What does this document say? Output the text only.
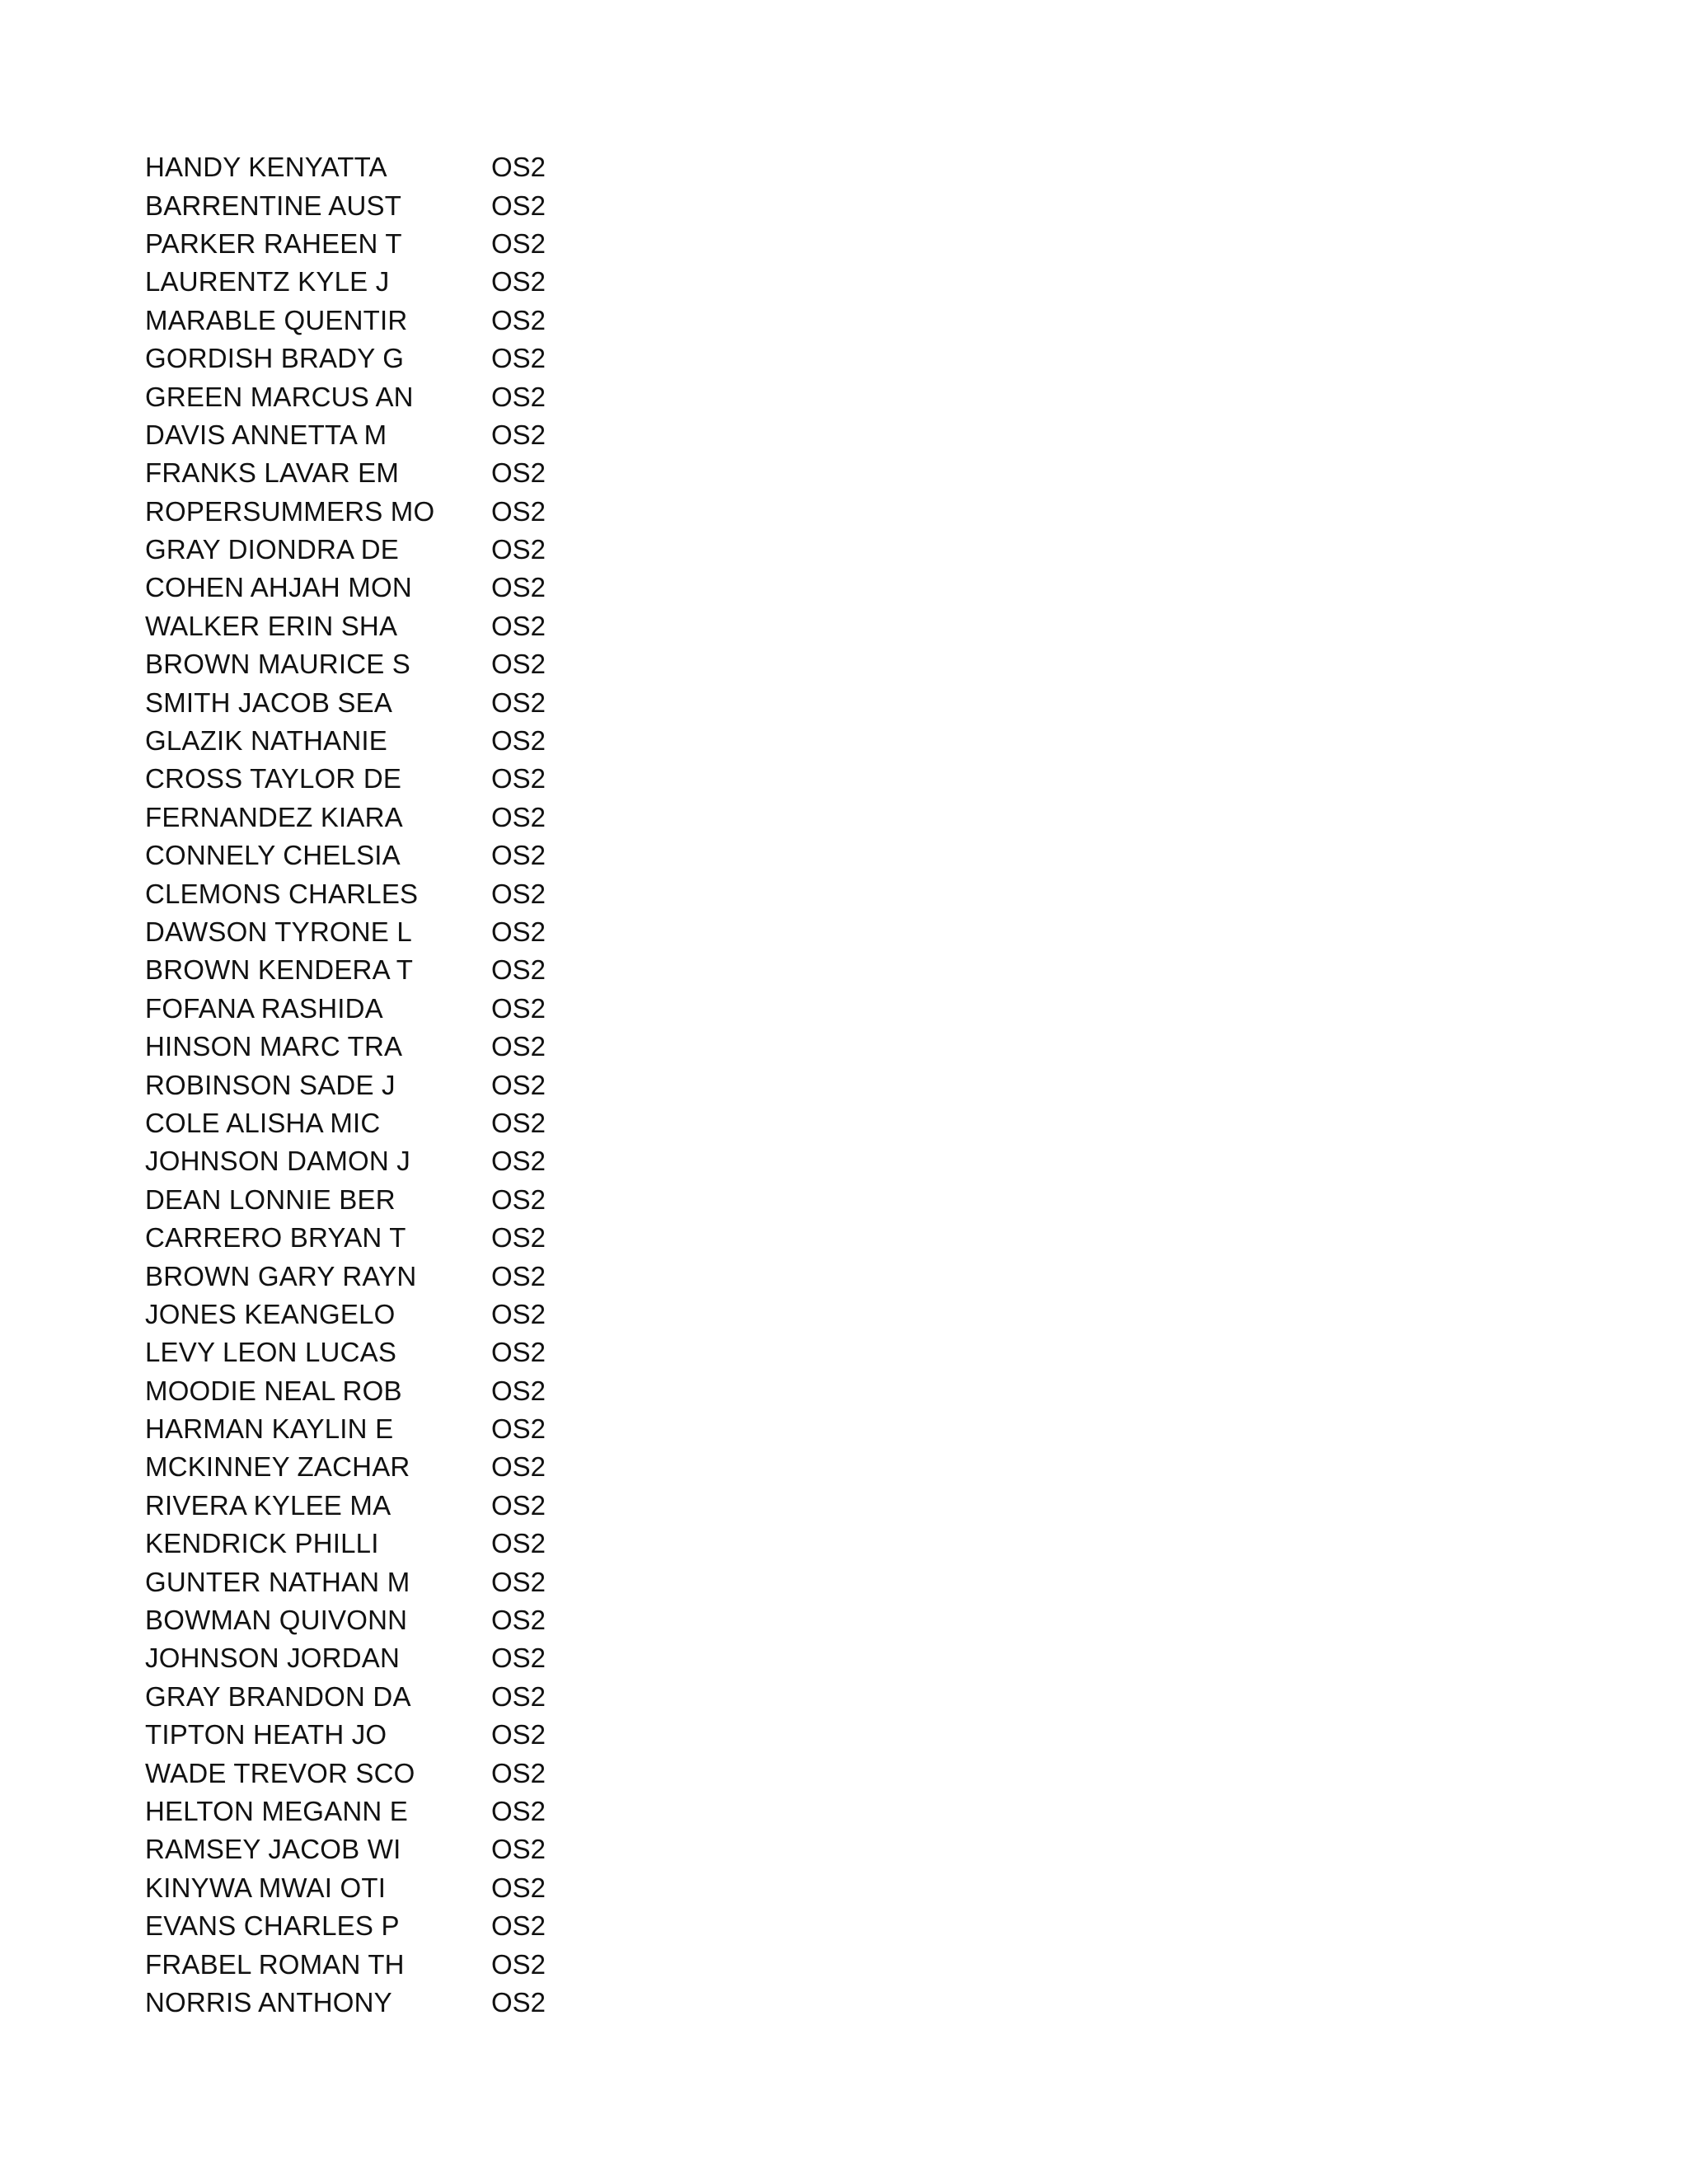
HANDY KENYATTA	OS2
BARRENTINE AUST	OS2
PARKER RAHEEN T	OS2
LAURENTZ KYLE J	OS2
MARABLE QUENTIR	OS2
GORDISH BRADY G	OS2
GREEN MARCUS AN	OS2
DAVIS ANNETTA M	OS2
FRANKS LAVAR EM	OS2
ROPERSUMMERS MO	OS2
GRAY DIONDRA DE	OS2
COHEN AHJAH MON	OS2
WALKER ERIN SHA	OS2
BROWN MAURICE S	OS2
SMITH JACOB SEA	OS2
GLAZIK NATHANIE	OS2
CROSS TAYLOR DE	OS2
FERNANDEZ KIARA	OS2
CONNELY CHELSIA	OS2
CLEMONS CHARLES	OS2
DAWSON TYRONE L	OS2
BROWN KENDERA T	OS2
FOFANA RASHIDA	OS2
HINSON MARC TRA	OS2
ROBINSON SADE J	OS2
COLE ALISHA MIC	OS2
JOHNSON DAMON J	OS2
DEAN LONNIE BER	OS2
CARRERO BRYAN T	OS2
BROWN GARY RAYN	OS2
JONES KEANGELO	OS2
LEVY LEON LUCAS	OS2
MOODIE NEAL ROB	OS2
HARMAN KAYLIN E	OS2
MCKINNEY ZACHAR	OS2
RIVERA KYLEE MA	OS2
KENDRICK PHILLI	OS2
GUNTER NATHAN M	OS2
BOWMAN QUIVONN	OS2
JOHNSON JORDAN	OS2
GRAY BRANDON DA	OS2
TIPTON HEATH JO	OS2
WADE TREVOR SCO	OS2
HELTON MEGANN E	OS2
RAMSEY JACOB WI	OS2
KINYWA MWAI OTI	OS2
EVANS CHARLES P	OS2
FRABEL ROMAN TH	OS2
NORRIS ANTHONY	OS2
